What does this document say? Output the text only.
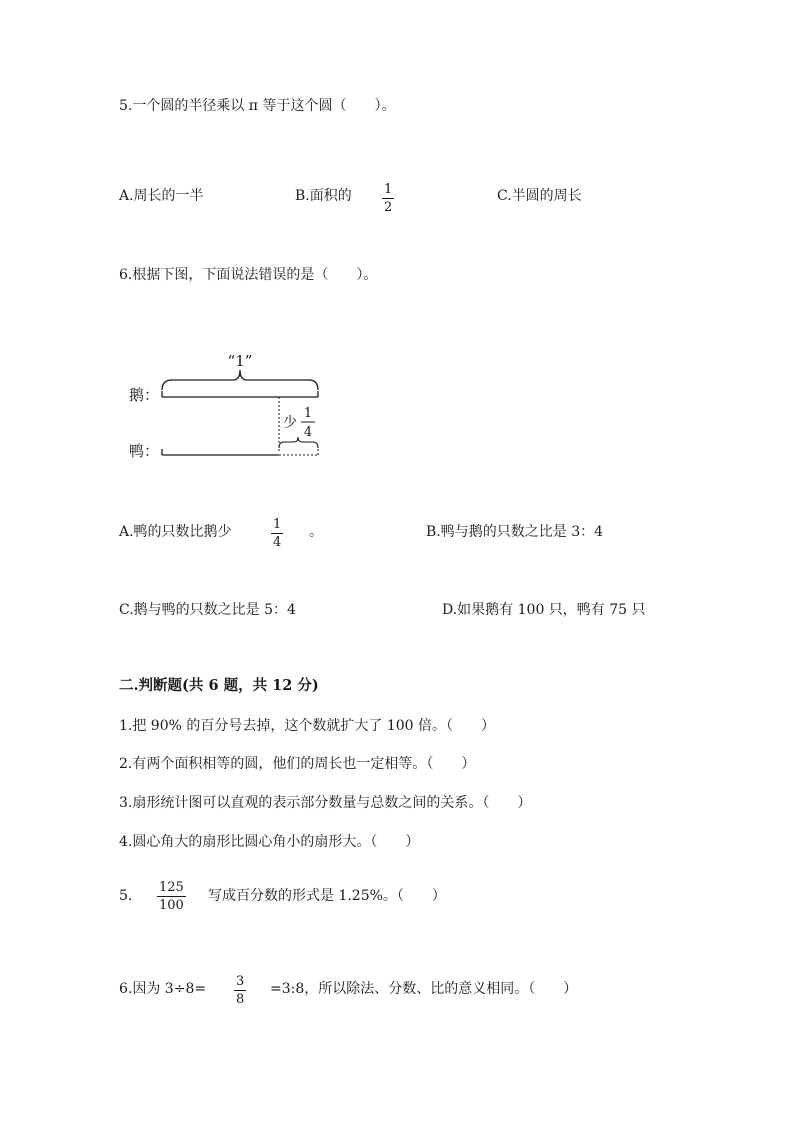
5.一个圆的半径乘以 π 等于这个圆（　　）。
A.周长的一半	B.面积的 1
2
C.半圆的周长
6.根据下图，下面说法错误的是（　　）。
“1”
鹅：
少
1
4
鸭：
A.鸭的只数比鹅少	1
4
。	B.鸭与鹅的只数之比是 3：4
C.鹅与鸭的只数之比是 5：4	D.如果鹅有 100 只，鸭有 75 只
二.判断题(共 6 题，共 12 分)
1.把 90% 的百分号去掉，这个数就扩大了 100 倍。（　　）
2.有两个面积相等的圆，他们的周长也一定相等。（　　）
3.扇形统计图可以直观的表示部分数量与总数之间的关系。（　　）
4.圆心角大的扇形比圆心角小的扇形大。（　　）
5.
125
100
写成百分数的形式是 1.25%。（　　）
6.因为 3÷8= 3
8
=3:8，所以除法、分数、比的意义相同。（　　）
